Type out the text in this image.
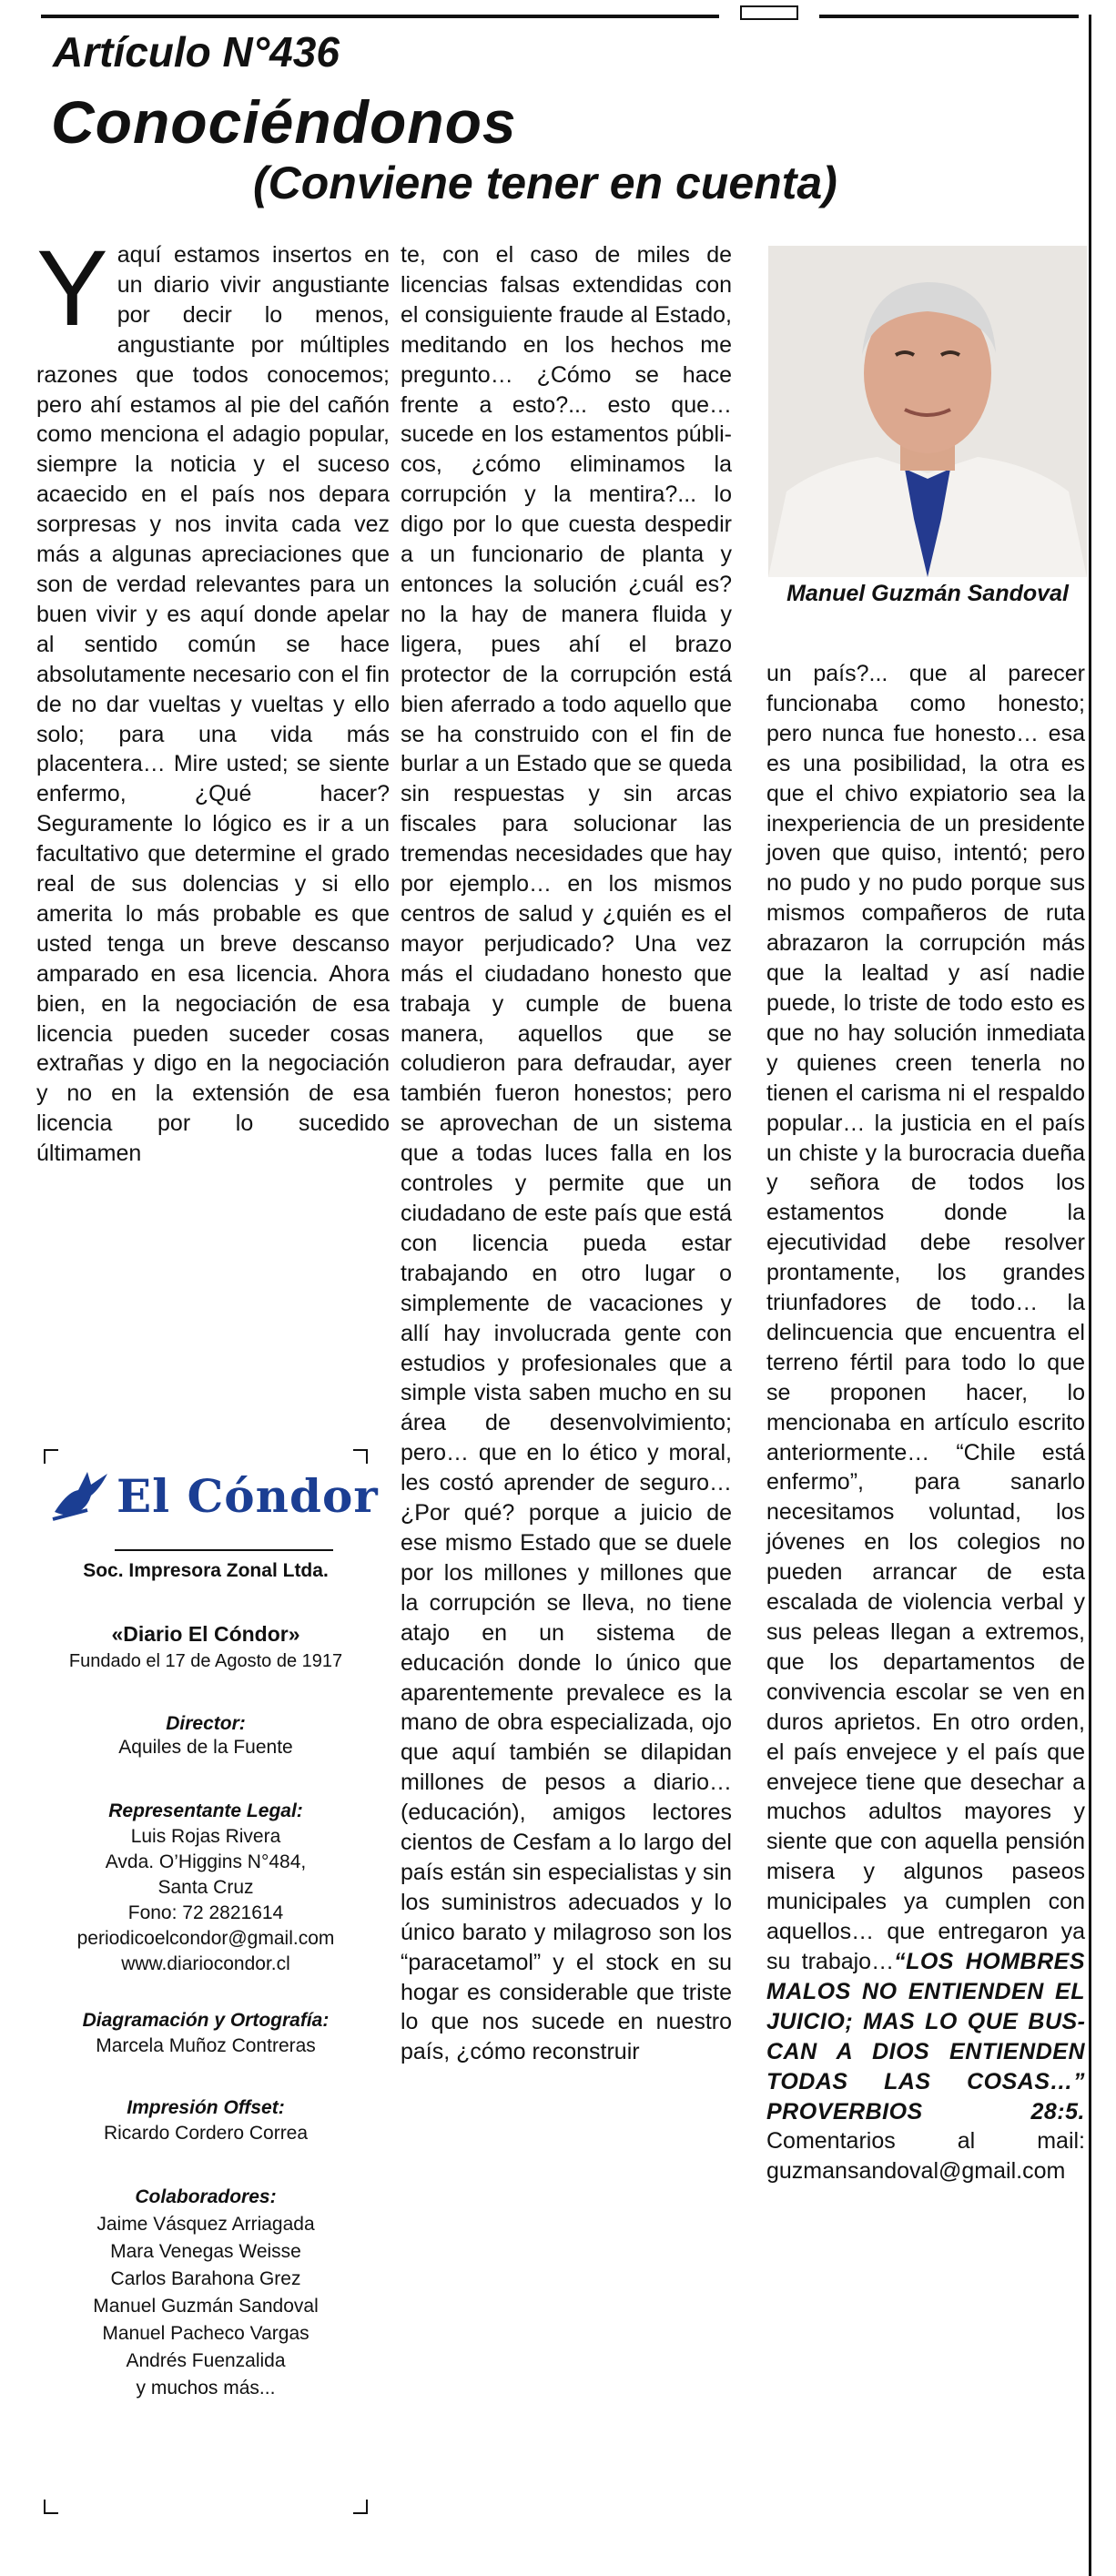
Artículo N°436
Conociéndonos
(Conviene tener en cuenta)
Yaquí estamos insertos en un diario vivir angustiante por decir lo menos, angustiante por múltiples razones que todos conocemos; pero ahí estamos al pie del cañón como menciona el adagio popular, siempre la noticia y el suceso acaecido en el país nos depara sorpresas y nos invita cada vez más a algunas apreciaciones que son de verdad relevantes para un buen vivir y es aquí donde apelar al sentido común se hace absolutamente necesario con el fin de no dar vueltas y vueltas y ello solo; para una vida más placentera… Mire usted; se siente enfermo, ¿Qué hacer? Seguramente lo lógico es ir a un facultativo que determine el grado real de sus dolencias y si ello amerita lo más probable es que usted tenga un breve descanso amparado en esa licencia. Ahora bien, en la negociación de esa licencia pueden suceder cosas extrañas y digo en la negociación y no en la extensión de esa licencia por lo sucedido últimamen
te, con el caso de miles de licencias falsas extendidas con el consiguiente fraude al Estado, meditando en los hechos me pregunto… ¿Cómo se hace frente a esto?... esto que… sucede en los estamentos públicos, ¿cómo eliminamos la corrupción y la mentira?... lo digo por lo que cuesta despedir a un funcionario de planta y entonces la solución ¿cuál es? no la hay de manera fluida y ligera, pues ahí el brazo protector de la corrupción está bien aferrado a todo aquello que se ha construido con el fin de burlar a un Estado que se queda sin respuestas y sin arcas fiscales para solucionar las tremendas necesidades que hay por ejemplo… en los mismos centros de salud y ¿quién es el mayor perjudicado? Una vez más el ciudadano honesto que trabaja y cumple de buena manera, aquellos que se coludieron para defraudar, ayer también fueron honestos; pero se aprovechan de un sistema que a todas luces falla en los controles y permite que un ciudadano de este país que está con licencia pueda estar trabajando en otro lugar o simplemente de vacaciones y allí hay involucrada gente con estudios y profesionales que a simple vista saben mucho en su área de desenvolvimiento; pero… que en lo ético y moral, les costó aprender de seguro… ¿Por qué? porque a juicio de ese mismo Estado que se duele por los millones y millones que la corrupción se lleva, no tiene atajo en un sistema de educación donde lo único que aparentemente prevalece es la mano de obra especializada, ojo que aquí también se dilapidan millones de pesos a diario… (educación), amigos lectores cientos de Cesfam a lo largo del país están sin especialistas y sin los suministros adecuados y lo único barato y milagroso son los “paracetamol” y el stock en su hogar es considerable que triste lo que nos sucede en nuestro país, ¿cómo reconstruir
Manuel Guzmán Sandoval
un país?... que al parecer funcionaba como honesto; pero nunca fue honesto… esa es una posibilidad, la otra es que el chivo expiatorio sea la inexperiencia de un presidente joven que quiso, intentó; pero no pudo y no pudo porque sus mismos compañeros de ruta abrazaron la corrupción más que la lealtad y así nadie puede, lo triste de todo esto es que no hay solución inmediata y quienes creen tenerla no tienen el carisma ni el respaldo popular… la justicia en el país un chiste y la burocracia dueña y señora de todos los estamentos donde la ejecutividad debe resolver prontamente, los grandes triunfadores de todo… la delincuencia que encuentra el terreno fértil para todo lo que se proponen hacer, lo mencionaba en artículo escrito anteriormente… “Chile está enfermo”, para sanarlo necesitamos voluntad, los jóvenes en los colegios no pueden arrancar de esta escalada de violencia verbal y sus peleas llegan a extremos, que los departamentos de convivencia escolar se ven en duros aprietos. En otro orden, el país envejece y el país que envejece tiene que desechar a muchos adultos mayores y siente que con aquella pensión misera y algunos paseos municipales ya cumplen con aquellos… que entregaron ya su trabajo…“LOS HOMBRES MALOS NO ENTIENDEN EL JUICIO; MAS LO QUE BUSCAN A DIOS ENTIENDEN TODAS LAS COSAS…” PROVERBIOS 28:5. Comentarios al mail: guzmansandoval@gmail.com
El Cóndor
Soc. Impresora Zonal Ltda.
«Diario El Cóndor»
Fundado el 17 de Agosto de 1917
Director:
Aquiles de la Fuente
Representante Legal:
Luis Rojas Rivera
Avda. O’Higgins N°484,
Santa Cruz
Fono: 72 2821614
periodicoelcondor@gmail.com
www.diariocondor.cl
Diagramación y Ortografía:
Marcela Muñoz Contreras
Impresión Offset:
Ricardo Cordero Correa
Colaboradores:
Jaime Vásquez Arriagada
Mara Venegas Weisse
Carlos Barahona Grez
Manuel Guzmán Sandoval
Manuel Pacheco Vargas
Andrés Fuenzalida
y muchos más...
